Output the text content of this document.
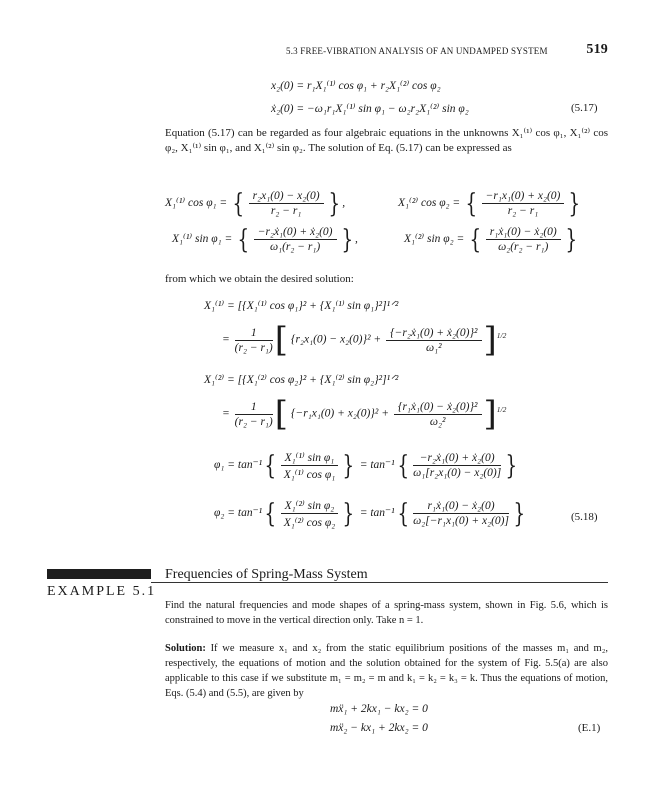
5.3 FREE-VIBRATION ANALYSIS OF AN UNDAMPED SYSTEM	519
x₂(0) = r₁X₁⁽¹⁾ cos φ₁ + r₂X₁⁽²⁾ cos φ₂
ẋ₂(0) = −ω₁r₁X₁⁽¹⁾ sin φ₁ − ω₂r₂X₁⁽²⁾ sin φ₂	(5.17)
Equation (5.17) can be regarded as four algebraic equations in the unknowns X₁⁽¹⁾ cos φ₁, X₁⁽²⁾ cos φ₂, X₁⁽¹⁾ sin φ₁, and X₁⁽²⁾ sin φ₂. The solution of Eq. (5.17) can be expressed as
X₁⁽¹⁾ cos φ₁ = { $\frac{\text{r₂x₁(0) − x₂(0)}}{\text{r₂ − r₁}}$ } ,	X₁⁽²⁾ cos φ₂ = { $\frac{\text{−r₁x₁(0) + x₂(0)}}{\text{r₂ − r₁}}$ }
X₁⁽¹⁾ sin φ₁ = { $\frac{\text{−r₂ẋ₁(0) + ẋ₂(0)}}{\text{ω₁(r₂ − r₁)}}$ } ,	X₁⁽²⁾ sin φ₂ = { $\frac{\text{r₁ẋ₁(0) − ẋ₂(0)}}{\text{ω₂(r₂ − r₁)}}$ }
from which we obtain the desired solution:
X₁⁽¹⁾ = [{X₁⁽¹⁾ cos φ₁}² + {X₁⁽¹⁾ sin φ₁}²]¹ᐟ²
= $\frac{1}{\text{(r₂ − r₁)}}$ [ $\{r_2x_1(0) - x_2(0)\}^2 + \frac{\text{\{−r₂ẋ₁(0) + ẋ₂(0)\}²}}{\text{ω₁²}} ]^{1/2}$
X₁⁽²⁾ = [{X₁⁽²⁾ cos φ₂}² + {X₁⁽²⁾ sin φ₂}²]¹ᐟ²
= $\frac{1}{\text{(r₂ − r₁)}}$ [ $\{-r_1x_1(0) + x_2(0)\}^2 + \frac{\text{\{r₁ẋ₁(0) − ẋ₂(0)\}²}}{\text{ω₂²}} ]^{1/2}$
$\varphi_1 = \tan^{-1}\{ \frac{\text{X₁⁽¹⁾ sin φ₁}}{\text{X₁⁽¹⁾ cos φ₁}}$ } = $\tan^{-1}\{ \frac{\text{−r₂ẋ₁(0) + ẋ₂(0)}}{\text{ω₁[r₂x₁(0) − x₂(0)]}}$ }
$\varphi_2 = \tan^{-1}\{ \frac{\text{X₁⁽²⁾ sin φ₂}}{\text{X₁⁽²⁾ cos φ₂}}$ } = $\tan^{-1}\{ \frac{\text{r₁ẋ₁(0) − ẋ₂(0)}}{\text{ω₂[−r₁x₁(0) + x₂(0)]}}$ }	(5.18)
EXAMPLE 5.1
Frequencies of Spring-Mass System
Find the natural frequencies and mode shapes of a spring-mass system, shown in Fig. 5.6, which is constrained to move in the vertical direction only. Take n = 1.
Solution: If we measure x₁ and x₂ from the static equilibrium positions of the masses m₁ and m₂, respectively, the equations of motion and the solution obtained for the system of Fig. 5.5(a) are also applicable to this case if we substitute m₁ = m₂ = m and k₁ = k₂ = k₃ = k. Thus the equations of motion, Eqs. (5.4) and (5.5), are given by
mẍ₁ + 2kx₁ − kx₂ = 0
mẍ₂ − kx₁ + 2kx₂ = 0	(E.1)
